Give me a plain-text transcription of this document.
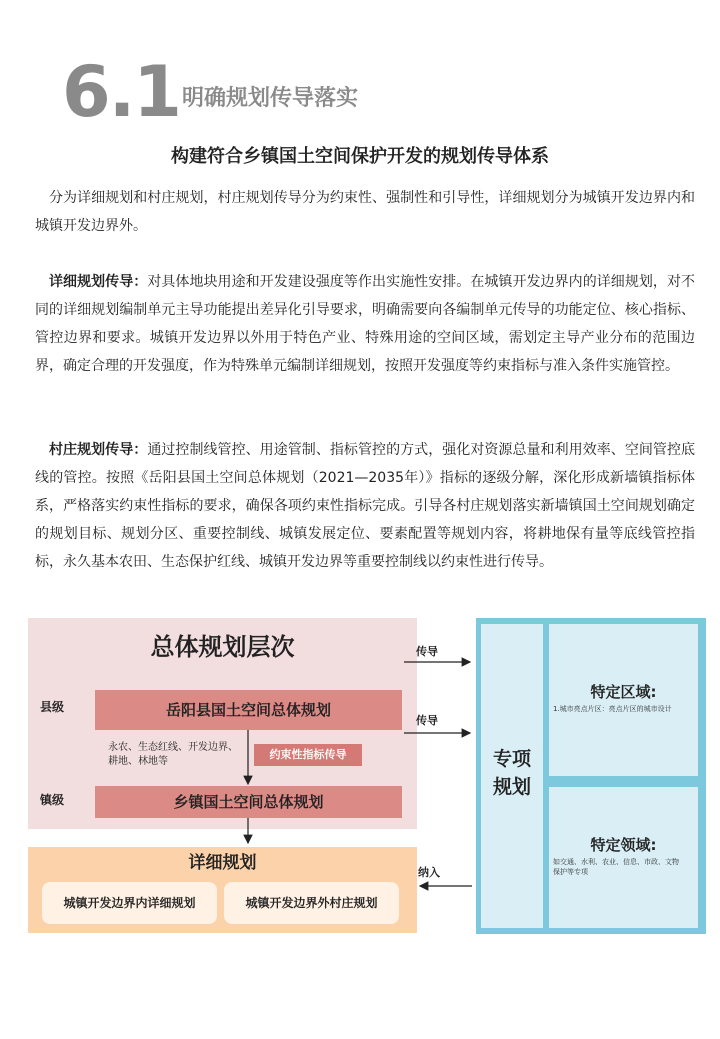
6.1 明确规划传导落实
构建符合乡镇国土空间保护开发的规划传导体系
分为详细规划和村庄规划，村庄规划传导分为约束性、强制性和引导性，详细规划分为城镇开发边界内和城镇开发边界外。
详细规划传导：对具体地块用途和开发建设强度等作出实施性安排。在城镇开发边界内的详细规划，对不同的详细规划编制单元主导功能提出差异化引导要求，明确需要向各编制单元传导的功能定位、核心指标、管控边界和要求。城镇开发边界以外用于特色产业、特殊用途的空间区域，需划定主导产业分布的范围边界，确定合理的开发强度，作为特殊单元编制详细规划，按照开发强度等约束指标与准入条件实施管控。
村庄规划传导：通过控制线管控、用途管制、指标管控的方式，强化对资源总量和利用效率、空间管控底线的管控。按照《岳阳县国土空间总体规划（2021—2035年）》指标的逐级分解，深化形成新墙镇指标体系，严格落实约束性指标的要求，确保各项约束性指标完成。引导各村庄规划落实新墙镇国土空间规划确定的规划目标、规划分区、重要控制线、城镇发展定位、要素配置等规划内容，将耕地保有量等底线管控指标，永久基本农田、生态保护红线、城镇开发边界等重要控制线以约束性进行传导。
总体规划层次
县级	岳阳县国土空间总体规划
永农、生态红线、开发边界、
耕地、林地等
约束性指标传导
镇级	乡镇国土空间总体规划
详细规划
城镇开发边界内详细规划	城镇开发边界外村庄规划
专项
规划
特定区域:
1.城市亮点片区：亮点片区的城市设计
特定领域:
如交通、水利、农业、信息、市政、文物
保护等专项
传导
传导
纳入
